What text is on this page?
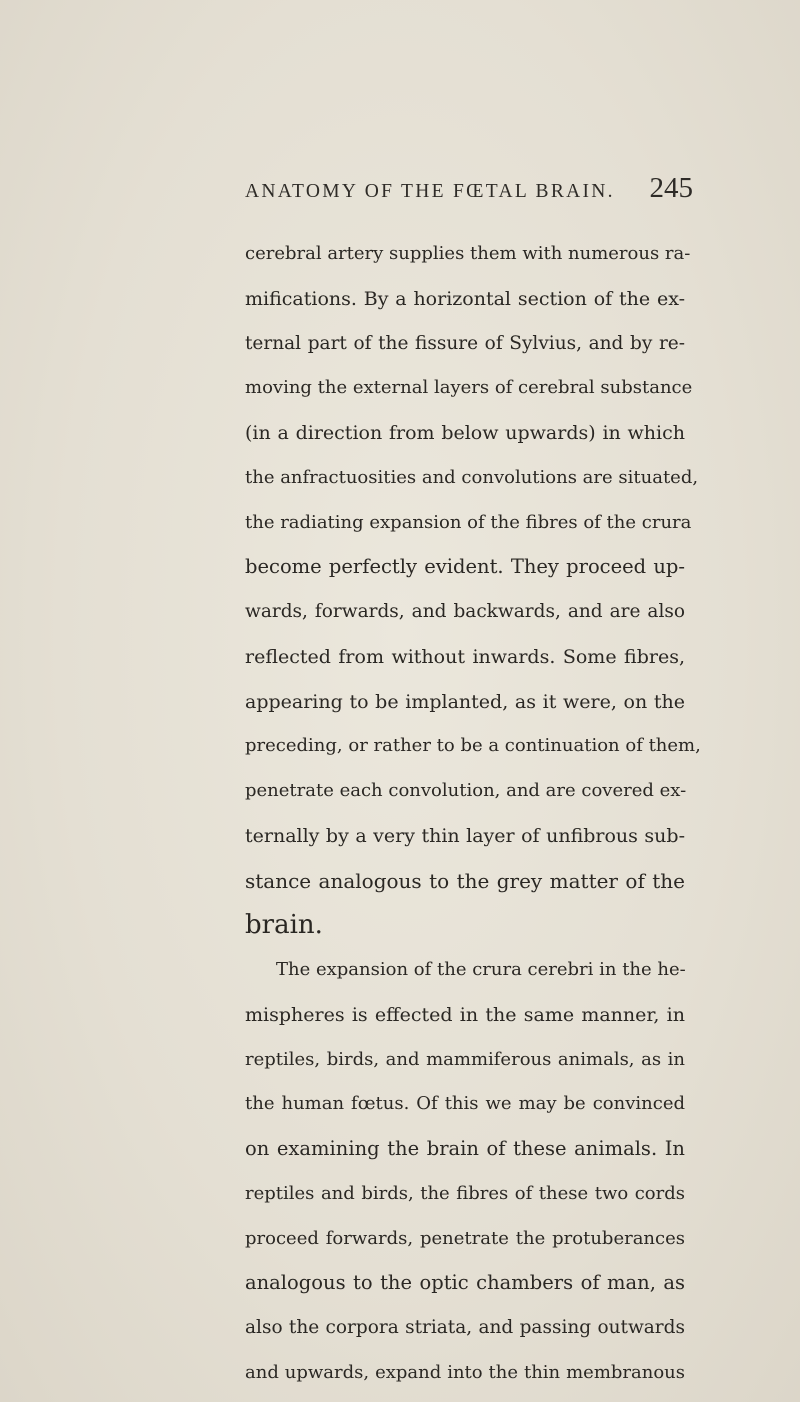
ANATOMY OF THE FŒTAL BRAIN. 245
cerebral artery supplies them with numerous ra-
mifications. By a horizontal section of the ex-
ternal part of the fissure of Sylvius, and by re-
moving the external layers of cerebral substance
(in a direction from below upwards) in which
the anfractuosities and convolutions are situated,
the radiating expansion of the fibres of the crura
become perfectly evident. They proceed up-
wards, forwards, and backwards, and are also
reflected from without inwards. Some fibres,
appearing to be implanted, as it were, on the
preceding, or rather to be a continuation of them,
penetrate each convolution, and are covered ex-
ternally by a very thin layer of unfibrous sub-
stance analogous to the grey matter of the
brain.
The expansion of the crura cerebri in the he-
mispheres is effected in the same manner, in
reptiles, birds, and mammiferous animals, as in
the human fœtus. Of this we may be convinced
on examining the brain of these animals. In
reptiles and birds, the fibres of these two cords
proceed forwards, penetrate the protuberances
analogous to the optic chambers of man, as
also the corpora striata, and passing outwards
and upwards, expand into the thin membranous
